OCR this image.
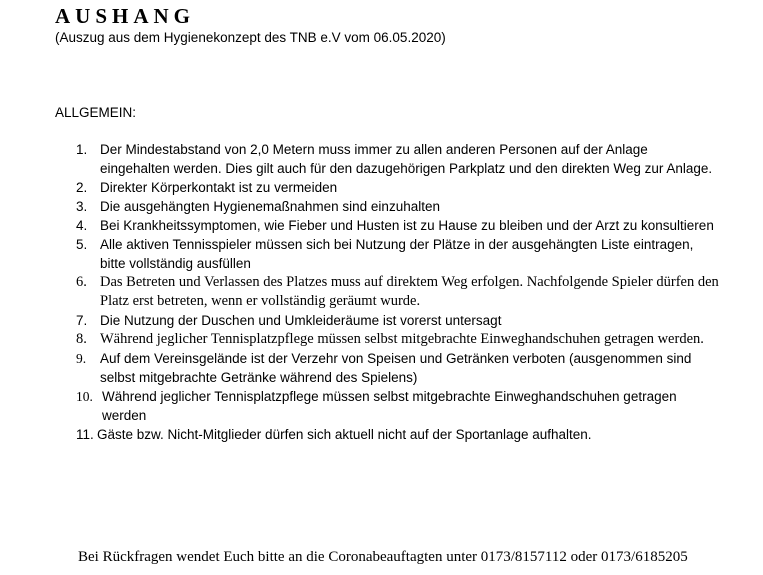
AUSHANG
(Auszug aus dem Hygienekonzept des TNB e.V vom 06.05.2020)
ALLGEMEIN:
1. Der Mindestabstand von 2,0 Metern muss immer zu allen anderen Personen auf der Anlage eingehalten werden. Dies gilt auch für den dazugehörigen Parkplatz und den direkten Weg zur Anlage.
2. Direkter Körperkontakt ist zu vermeiden
3. Die ausgehängten Hygienemaßnahmen sind einzuhalten
4. Bei Krankheitssymptomen, wie Fieber und Husten ist zu Hause zu bleiben und der Arzt zu konsultieren
5. Alle aktiven Tennisspieler müssen sich bei Nutzung der Plätze in der ausgehängten Liste eintragen, bitte vollständig ausfüllen
6. Das Betreten und Verlassen des Platzes muss auf direktem Weg erfolgen. Nachfolgende Spieler dürfen den Platz erst betreten, wenn er vollständig geräumt wurde.
7. Die Nutzung der Duschen und Umkleideräume ist vorerst untersagt
8. Während jeglicher Tennisplatzpflege müssen selbst mitgebrachte Einweghandschuhen getragen werden.
9. Auf dem Vereinsgelände ist der Verzehr von Speisen und Getränken verboten (ausgenommen sind selbst mitgebrachte Getränke während des Spielens)
10. Während jeglicher Tennisplatzpflege müssen selbst mitgebrachte Einweghandschuhen getragen werden
11. Gäste bzw. Nicht-Mitglieder dürfen sich aktuell nicht auf der Sportanlage aufhalten.
Bei Rückfragen wendet Euch bitte an die Coronabeauftagten unter 0173/8157112 oder 0173/6185205
